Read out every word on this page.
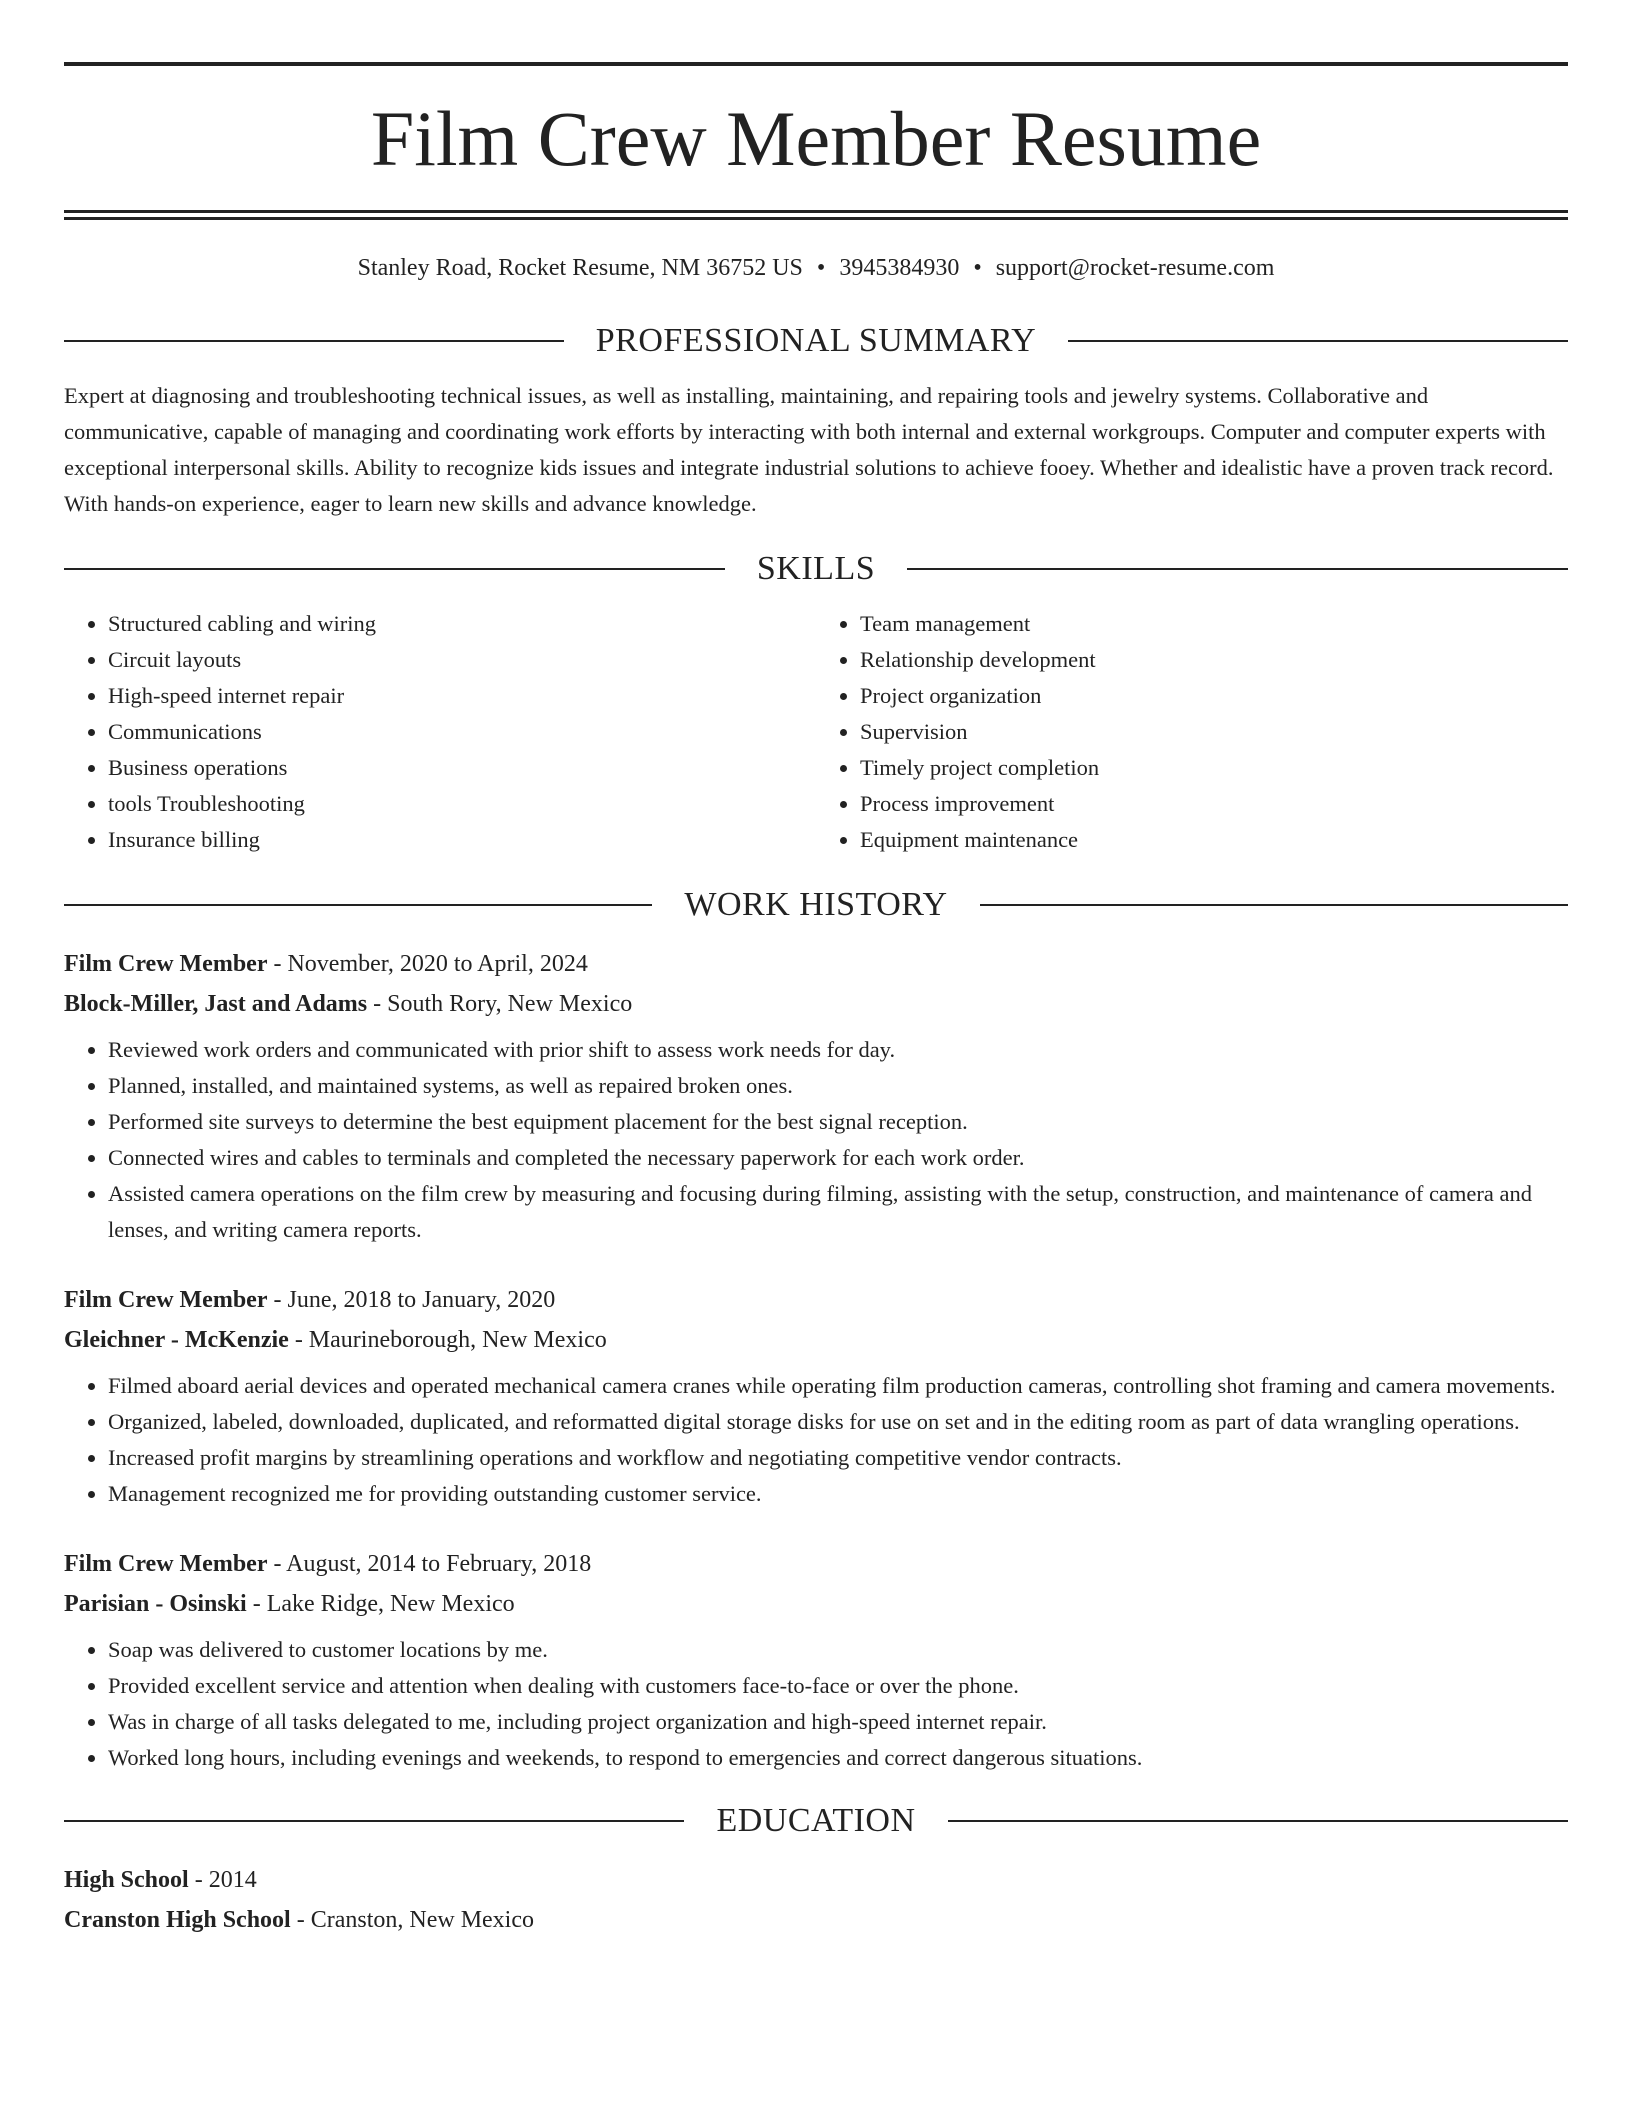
Film Crew Member Resume
Stanley Road, Rocket Resume, NM 36752 US • 3945384930 • support@rocket-resume.com
PROFESSIONAL SUMMARY

Expert at diagnosing and troubleshooting technical issues, as well as installing, maintaining, and repairing tools and jewelry systems. Collaborative and communicative, capable of managing and coordinating work efforts by interacting with both internal and external workgroups. Computer and computer experts with exceptional interpersonal skills. Ability to recognize kids issues and integrate industrial solutions to achieve fooey. Whether and idealistic have a proven track record. With hands-on experience, eager to learn new skills and advance knowledge.

SKILLS
• Structured cabling and wiring
• Circuit layouts
• High-speed internet repair
• Communications
• Business operations
• tools Troubleshooting
• Insurance billing
• Team management
• Relationship development
• Project organization
• Supervision
• Timely project completion
• Process improvement
• Equipment maintenance
WORK HISTORY
Film Crew Member - November, 2020 to April, 2024
Block-Miller, Jast and Adams - South Rory, New Mexico
• Reviewed work orders and communicated with prior shift to assess work needs for day.
• Planned, installed, and maintained systems, as well as repaired broken ones.
• Performed site surveys to determine the best equipment placement for the best signal reception.
• Connected wires and cables to terminals and completed the necessary paperwork for each work order.
• Assisted camera operations on the film crew by measuring and focusing during filming, assisting with the setup, construction, and maintenance of camera and lenses, and writing camera reports.
Film Crew Member - June, 2018 to January, 2020
Gleichner - McKenzie - Maurineborough, New Mexico
• Filmed aboard aerial devices and operated mechanical camera cranes while operating film production cameras, controlling shot framing and camera movements.
• Organized, labeled, downloaded, duplicated, and reformatted digital storage disks for use on set and in the editing room as part of data wrangling operations.
• Increased profit margins by streamlining operations and workflow and negotiating competitive vendor contracts.
• Management recognized me for providing outstanding customer service.
Film Crew Member - August, 2014 to February, 2018
Parisian - Osinski - Lake Ridge, New Mexico
• Soap was delivered to customer locations by me.
• Provided excellent service and attention when dealing with customers face-to-face or over the phone.
• Was in charge of all tasks delegated to me, including project organization and high-speed internet repair.
• Worked long hours, including evenings and weekends, to respond to emergencies and correct dangerous situations.
EDUCATION
High School - 2014
Cranston High School - Cranston, New Mexico
